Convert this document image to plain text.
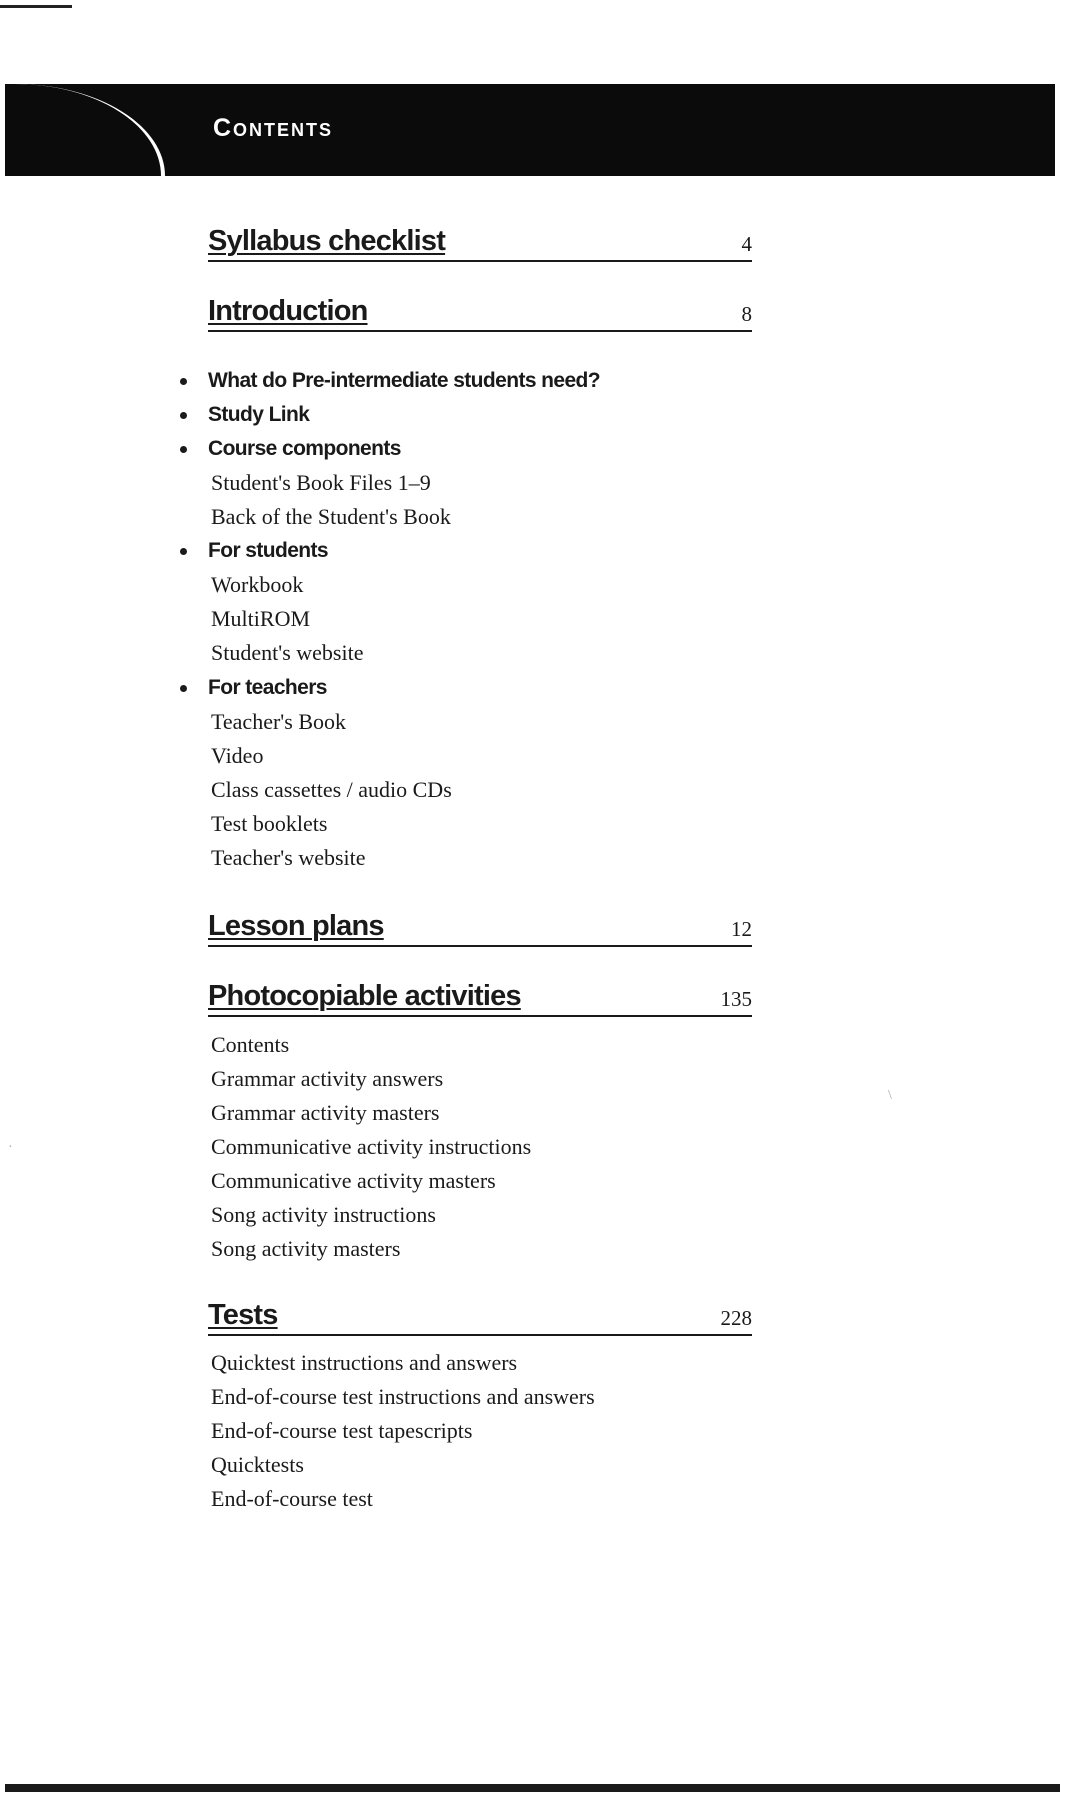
Contents
Syllabus checklist	4
Introduction	8
What do Pre-intermediate students need?
Study Link
Course components
Student's Book Files 1–9
Back of the Student's Book
For students
Workbook
MultiROM
Student's website
For teachers
Teacher's Book
Video
Class cassettes / audio CDs
Test booklets
Teacher's website
Lesson plans	12
Photocopiable activities	135
Contents
Grammar activity answers
Grammar activity masters
Communicative activity instructions
Communicative activity masters
Song activity instructions
Song activity masters
Tests	228
Quicktest instructions and answers
End-of-course test instructions and answers
End-of-course test tapescripts
Quicktests
End-of-course test
\
·
